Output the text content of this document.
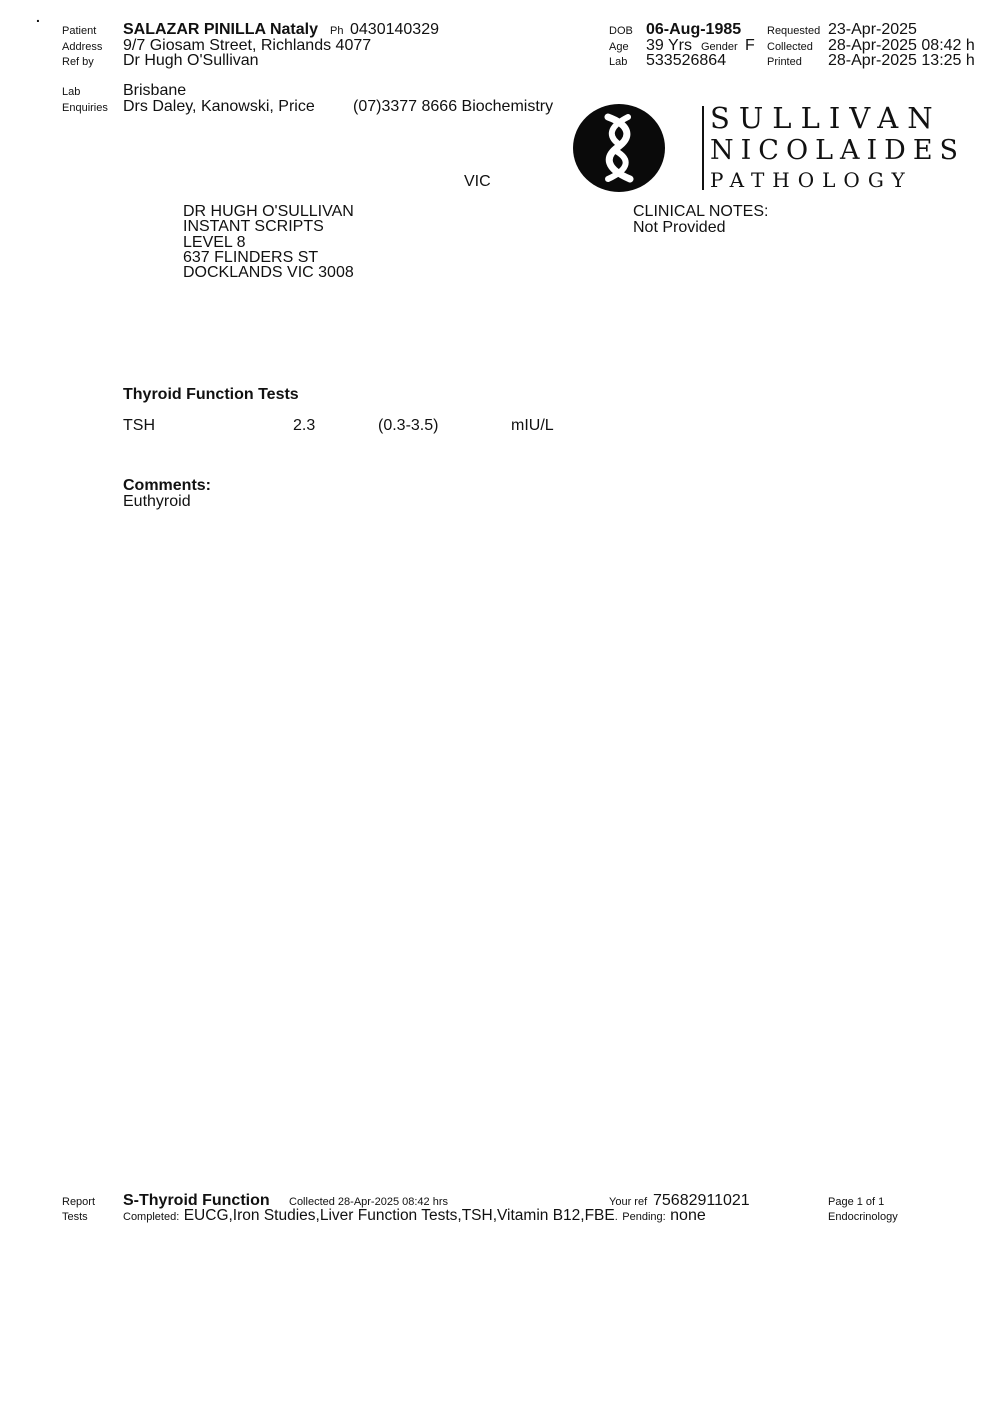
.
Patient SALAZAR PINILLA Nataly Ph 0430140329
Address 9/7 Giosam Street, Richlands 4077
Ref by Dr Hugh O'Sullivan
DOB 06-Aug-1985
Age 39 Yrs Gender F
Lab 533526864
Requested 23-Apr-2025
Collected 28-Apr-2025 08:42 h
Printed 28-Apr-2025 13:25 h
Lab	Brisbane
Enquiries Drs Daley, Kanowski, Price (07)3377 8666 Biochemistry
VIC
SULLIVAN
NICOLAIDES
PATHOLOGY
DR HUGH O'SULLIVAN
INSTANT SCRIPTS
LEVEL 8
637 FLINDERS ST
DOCKLANDS VIC 3008
CLINICAL NOTES:
Not Provided
Thyroid Function Tests
TSH	2.3	(0.3-3.5)	mIU/L
Comments:
Euthyroid
Report S-Thyroid Function Collected 28-Apr-2025 08:42 hrs	Your ref 75682911021	Page 1 of 1
Tests	Completed: EUCG,Iron Studies,Liver Function Tests,TSH,Vitamin B12,FBE. Pending: none	Endocrinology
